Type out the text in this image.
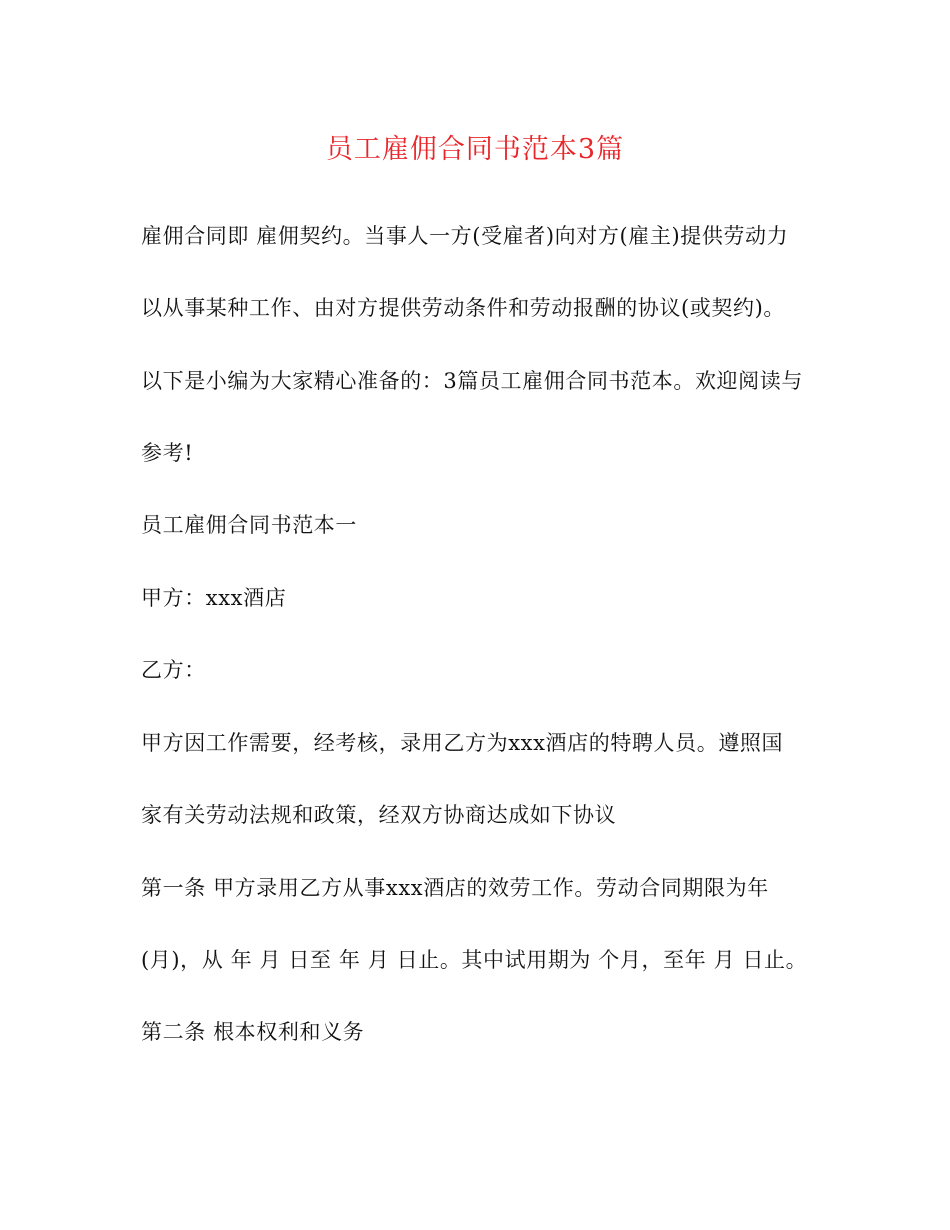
员工雇佣合同书范本3篇
雇佣合同即 雇佣契约。当事人一方(受雇者)向对方(雇主)提供劳动力
以从事某种工作、由对方提供劳动条件和劳动报酬的协议(或契约)。
以下是小编为大家精心准备的：3篇员工雇佣合同书范本。欢迎阅读与
参考!
员工雇佣合同书范本一
甲方：xxx酒店
乙方：
甲方因工作需要，经考核，录用乙方为xxx酒店的特聘人员。遵照国
家有关劳动法规和政策，经双方协商达成如下协议
第一条 甲方录用乙方从事xxx酒店的效劳工作。劳动合同期限为年
(月)，从 年 月 日至 年 月 日止。其中试用期为 个月，至年 月 日止。
第二条 根本权利和义务
